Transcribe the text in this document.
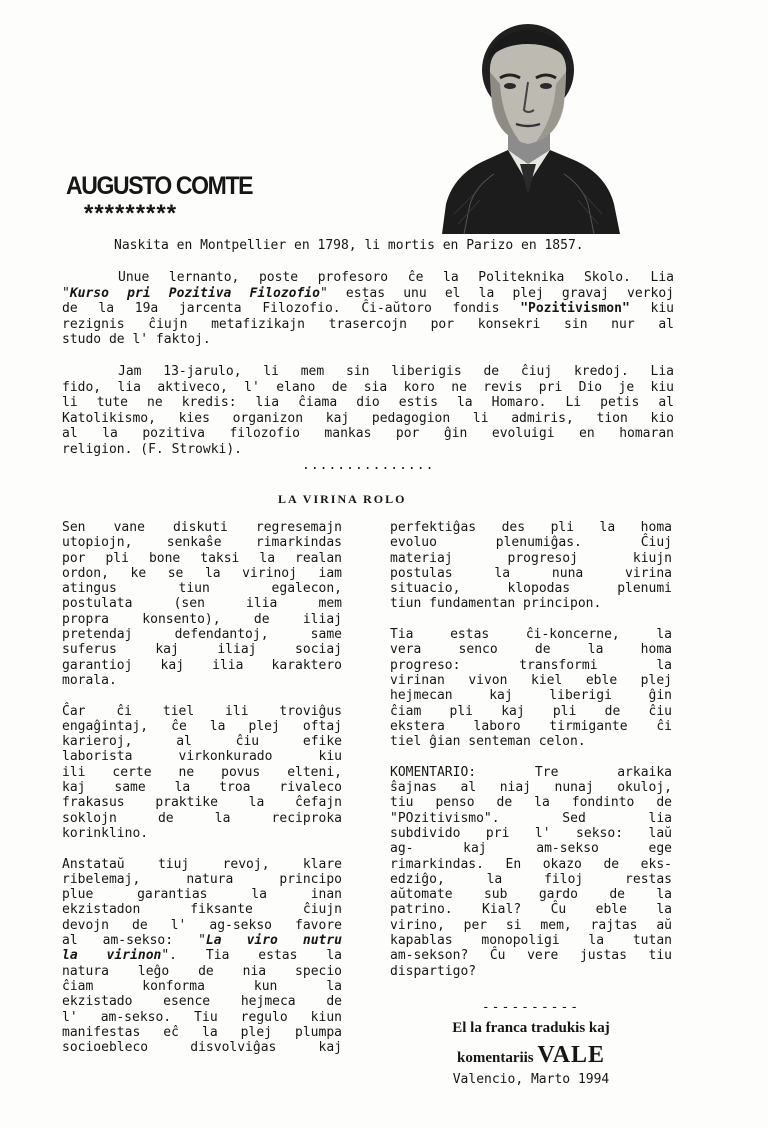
AUGUSTO COMTE
*********
Naskita en Montpellier en 1798, li mortis en Parizo en 1857.
Unue lernanto, poste profesoro ĉe la Politeknika Skolo. Lia
"Kurso pri Pozitiva Filozofio" estas unu el la plej gravaj verkoj
de la 19a jarcenta Filozofio. Ĉi-aŭtoro fondis "Pozitivismon" kiu
rezignis ĉiujn metafizikajn trasercojn por konsekri sin nur al
studo de l' faktoj.
Jam 13-jarulo, li mem sin liberigis de ĉiuj kredoj. Lia
fido, lia aktiveco, l' elano de sia koro ne revis pri Dio je kiu
li tute ne kredis: lia ĉiama dio estis la Homaro. Li petis al
Katolikismo, kies organizon kaj pedagogion li admiris, tion kio
al la pozitiva filozofio mankas por ĝin evoluigi en homaran
religion. (F. Strowki).
...............
LA VIRINA ROLO

Sen vane diskuti regresemajn
utopiojn, senkaŝe rimarkindas
por pli bone taksi la realan
ordon, ke se la virinoj iam
atingus tiun egalecon,
postulata (sen ilia mem
propra konsento), de iliaj
pretendaj defendantoj, same
suferus kaj iliaj sociaj
garantioj kaj ilia karaktero
morala.

Ĉar ĉi tiel ili troviĝus
engaĝintaj, ĉe la plej oftaj
karieroj, al ĉiu efike
laborista virkonkurado kiu
ili certe ne povus elteni,
kaj same la troa rivaleco
frakasus praktike la ĉefajn
soklojn de la reciproka
korinklino.

Anstataŭ tiuj revoj, klare
ribelemaj, natura principo
plue garantias la inan
ekzistadon fiksante ĉiujn
devojn de l' ag-sekso favore
al am-sekso: "La viro nutru
la virinon". Tia estas la
natura leĝo de nia specio
ĉiam konforma kun la
ekzistado esence hejmeca de
l' am-sekso. Tiu regulo kiun
manifestas eĉ la plej plumpa
socioebleco disvolviĝas kaj

perfektiĝas des pli la homa
evoluo plenumiĝas. Ĉiuj
materiaj progresoj kiujn
postulas la nuna virina
situacio, klopodas plenumi
tiun fundamentan principon.

Tia estas ĉi-koncerne, la
vera senco de la homa
progreso: transformi la
virinan vivon kiel eble plej
hejmecan kaj liberigi ĝin
ĉiam pli kaj pli de ĉiu
ekstera laboro tirmigante ĉi
tiel ĝian senteman celon.

KOMENTARIO: Tre arkaika
ŝajnas al niaj nunaj okuloj,
tiu penso de la fondinto de
"POzitivismo". Sed lia
subdivido pri l' sekso: laŭ
ag- kaj am-sekso ege
rimarkindas. En okazo de eks-
edziĝo, la filoj restas
aŭtomate sub gardo de la
patrino. Kial? Ĉu eble la
virino, per si mem, rajtas aŭ
kapablas monopoligi la tutan
am-sekson? Ĉu vere justas tiu
dispartigo?

----------
El la franca tradukis kaj
komentariis VALE
Valencio, Marto 1994
